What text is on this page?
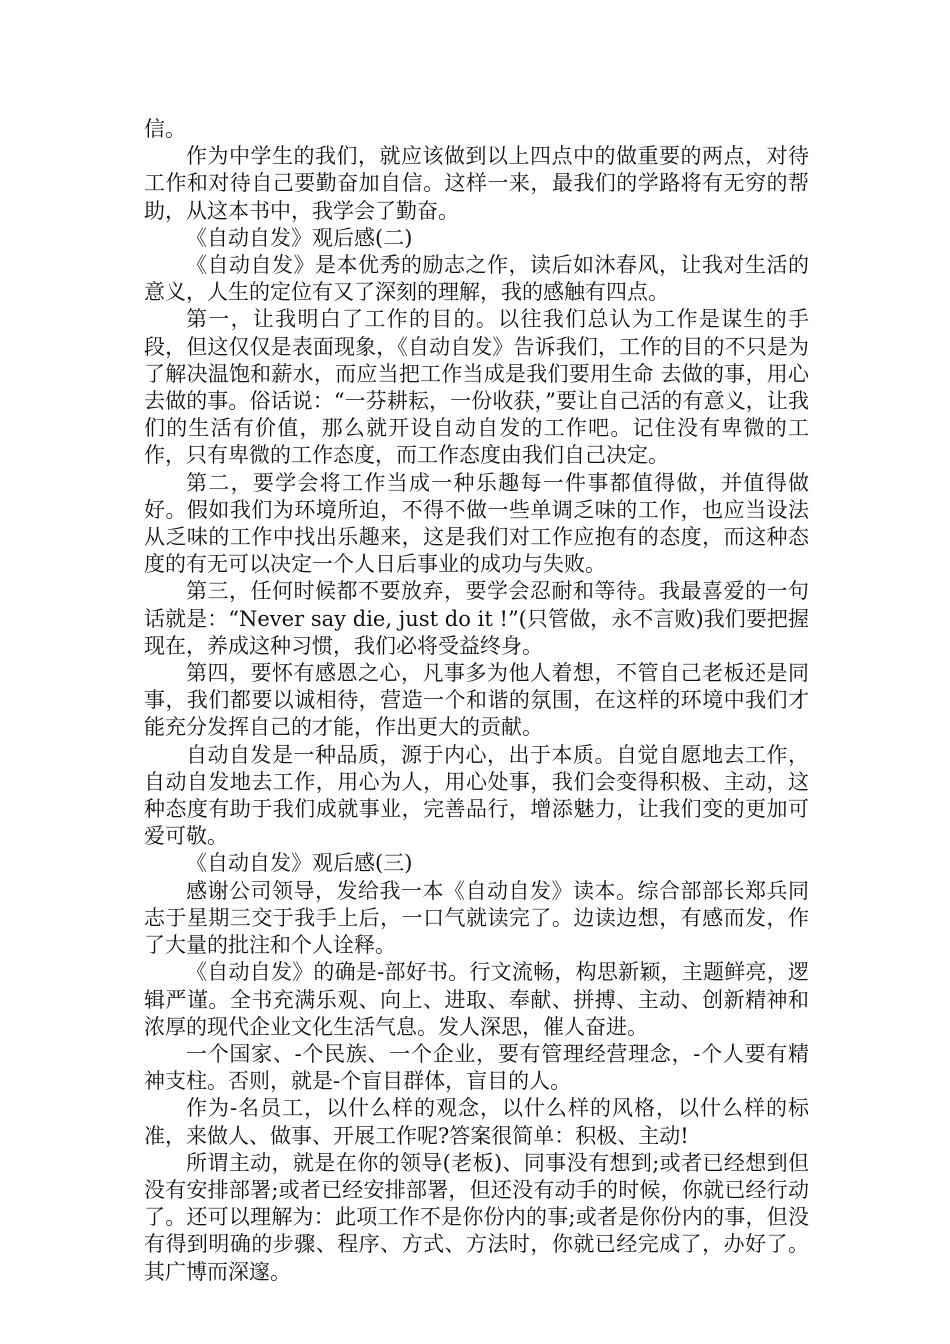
信。

作为中学生的我们，就应该做到以上四点中的做重要的两点，对待工作和对待自己要勤奋加自信。这样一来，最我们的学路将有无穷的帮助，从这本书中，我学会了勤奋。

《自动自发》观后感(二)

《自动自发》是本优秀的励志之作，读后如沐春风，让我对生活的意义，人生的定位有又了深刻的理解，我的感触有四点。

第一，让我明白了工作的目的。以往我们总认为工作是谋生的手段，但这仅仅是表面现象，《自动自发》告诉我们，工作的目的不只是为了解决温饱和薪水，而应当把工作当成是我们要用生命 去做的事，用心去做的事。俗话说：“一芬耕耘，一份收获，”要让自己活的有意义，让我们的生活有价值，那么就开设自动自发的工作吧。记住没有卑微的工作，只有卑微的工作态度，而工作态度由我们自己决定。

第二，要学会将工作当成一种乐趣每一件事都值得做，并值得做好。假如我们为环境所迫，不得不做一些单调乏味的工作，也应当设法从乏味的工作中找出乐趣来，这是我们对工作应抱有的态度，而这种态度的有无可以决定一个人日后事业的成功与失败。

第三，任何时候都不要放弃，要学会忍耐和等待。我最喜爱的一句话就是：“Never say die, just do it !”(只管做，永不言败)我们要把握现在，养成这种习惯，我们必将受益终身。

第四，要怀有感恩之心，凡事多为他人着想，不管自己老板还是同事，我们都要以诚相待，营造一个和谐的氛围，在这样的环境中我们才能充分发挥自己的才能，作出更大的贡献。

自动自发是一种品质，源于内心，出于本质。自觉自愿地去工作，自动自发地去工作，用心为人，用心处事，我们会变得积极、主动，这种态度有助于我们成就事业，完善品行，增添魅力，让我们变的更加可爱可敬。

《自动自发》观后感(三)

感谢公司领导，发给我一本《自动自发》读本。综合部部长郑兵同志于星期三交于我手上后，一口气就读完了。边读边想，有感而发，作了大量的批注和个人诠释。

《自动自发》的确是-部好书。行文流畅，构思新颖，主题鲜亮，逻辑严谨。全书充满乐观、向上、进取、奉献、拼搏、主动、创新精神和浓厚的现代企业文化生活气息。发人深思，催人奋进。

一个国家、-个民族、一个企业，要有管理经营理念，-个人要有精神支柱。否则，就是-个盲目群体，盲目的人。

作为-名员工，以什么样的观念，以什么样的风格，以什么样的标准，来做人、做事、开展工作呢?答案很简单：积极、主动!

所谓主动，就是在你的领导(老板)、同事没有想到;或者已经想到但没有安排部署;或者已经安排部署，但还没有动手的时候，你就已经行动了。还可以理解为：此项工作不是你份内的事;或者是你份内的事，但没有得到明确的步骤、程序、方式、方法时，你就已经完成了，办好了。其广博而深邃。
